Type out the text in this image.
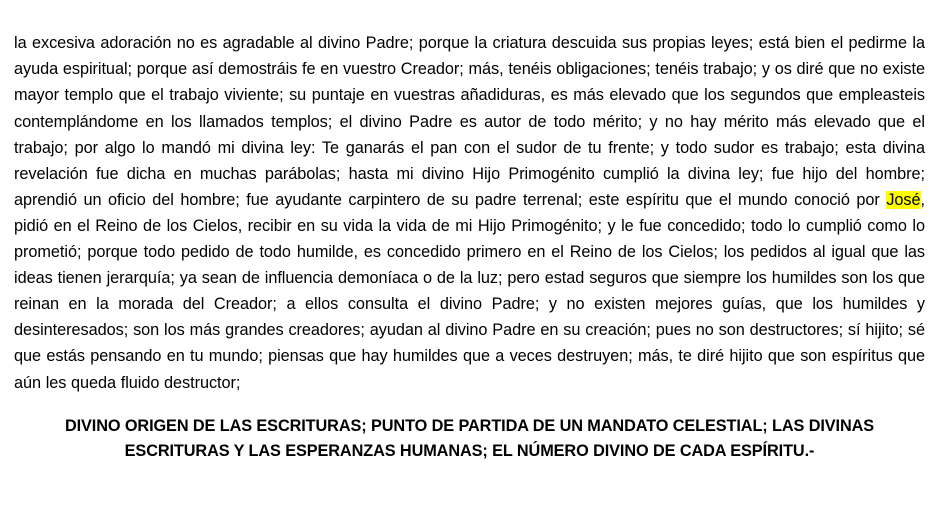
la excesiva adoración no es agradable al divino Padre; porque la criatura descuida sus propias leyes; está bien el pedirme la ayuda espiritual; porque así demostráis fe en vuestro Creador; más, tenéis obligaciones; tenéis trabajo; y os diré que no existe mayor templo que el trabajo viviente; su puntaje en vuestras añadiduras, es más elevado que los segundos que empleasteis contemplándome en los llamados templos; el divino Padre es autor de todo mérito; y no hay mérito más elevado que el trabajo; por algo lo mandó mi divina ley: Te ganarás el pan con el sudor de tu frente; y todo sudor es trabajo; esta divina revelación fue dicha en muchas parábolas; hasta mi divino Hijo Primogénito cumplió la divina ley; fue hijo del hombre; aprendió un oficio del hombre; fue ayudante carpintero de su padre terrenal; este espíritu que el mundo conoció por José, pidió en el Reino de los Cielos, recibir en su vida la vida de mi Hijo Primogénito; y le fue concedido; todo lo cumplió como lo prometió; porque todo pedido de todo humilde, es concedido primero en el Reino de los Cielos; los pedidos al igual que las ideas tienen jerarquía; ya sean de influencia demoníaca o de la luz; pero estad seguros que siempre los humildes son los que reinan en la morada del Creador; a ellos consulta el divino Padre; y no existen mejores guías, que los humildes y desinteresados; son los más grandes creadores; ayudan al divino Padre en su creación; pues no son destructores; sí hijito; sé que estás pensando en tu mundo; piensas que hay humildes que a veces destruyen; más, te diré hijito que son espíritus que aún les queda fluido destructor;

DIVINO ORIGEN DE LAS ESCRITURAS; PUNTO DE PARTIDA DE UN MANDATO CELESTIAL; LAS DIVINAS ESCRITURAS Y LAS ESPERANZAS HUMANAS; EL NÚMERO DIVINO DE CADA ESPÍRITU.-
